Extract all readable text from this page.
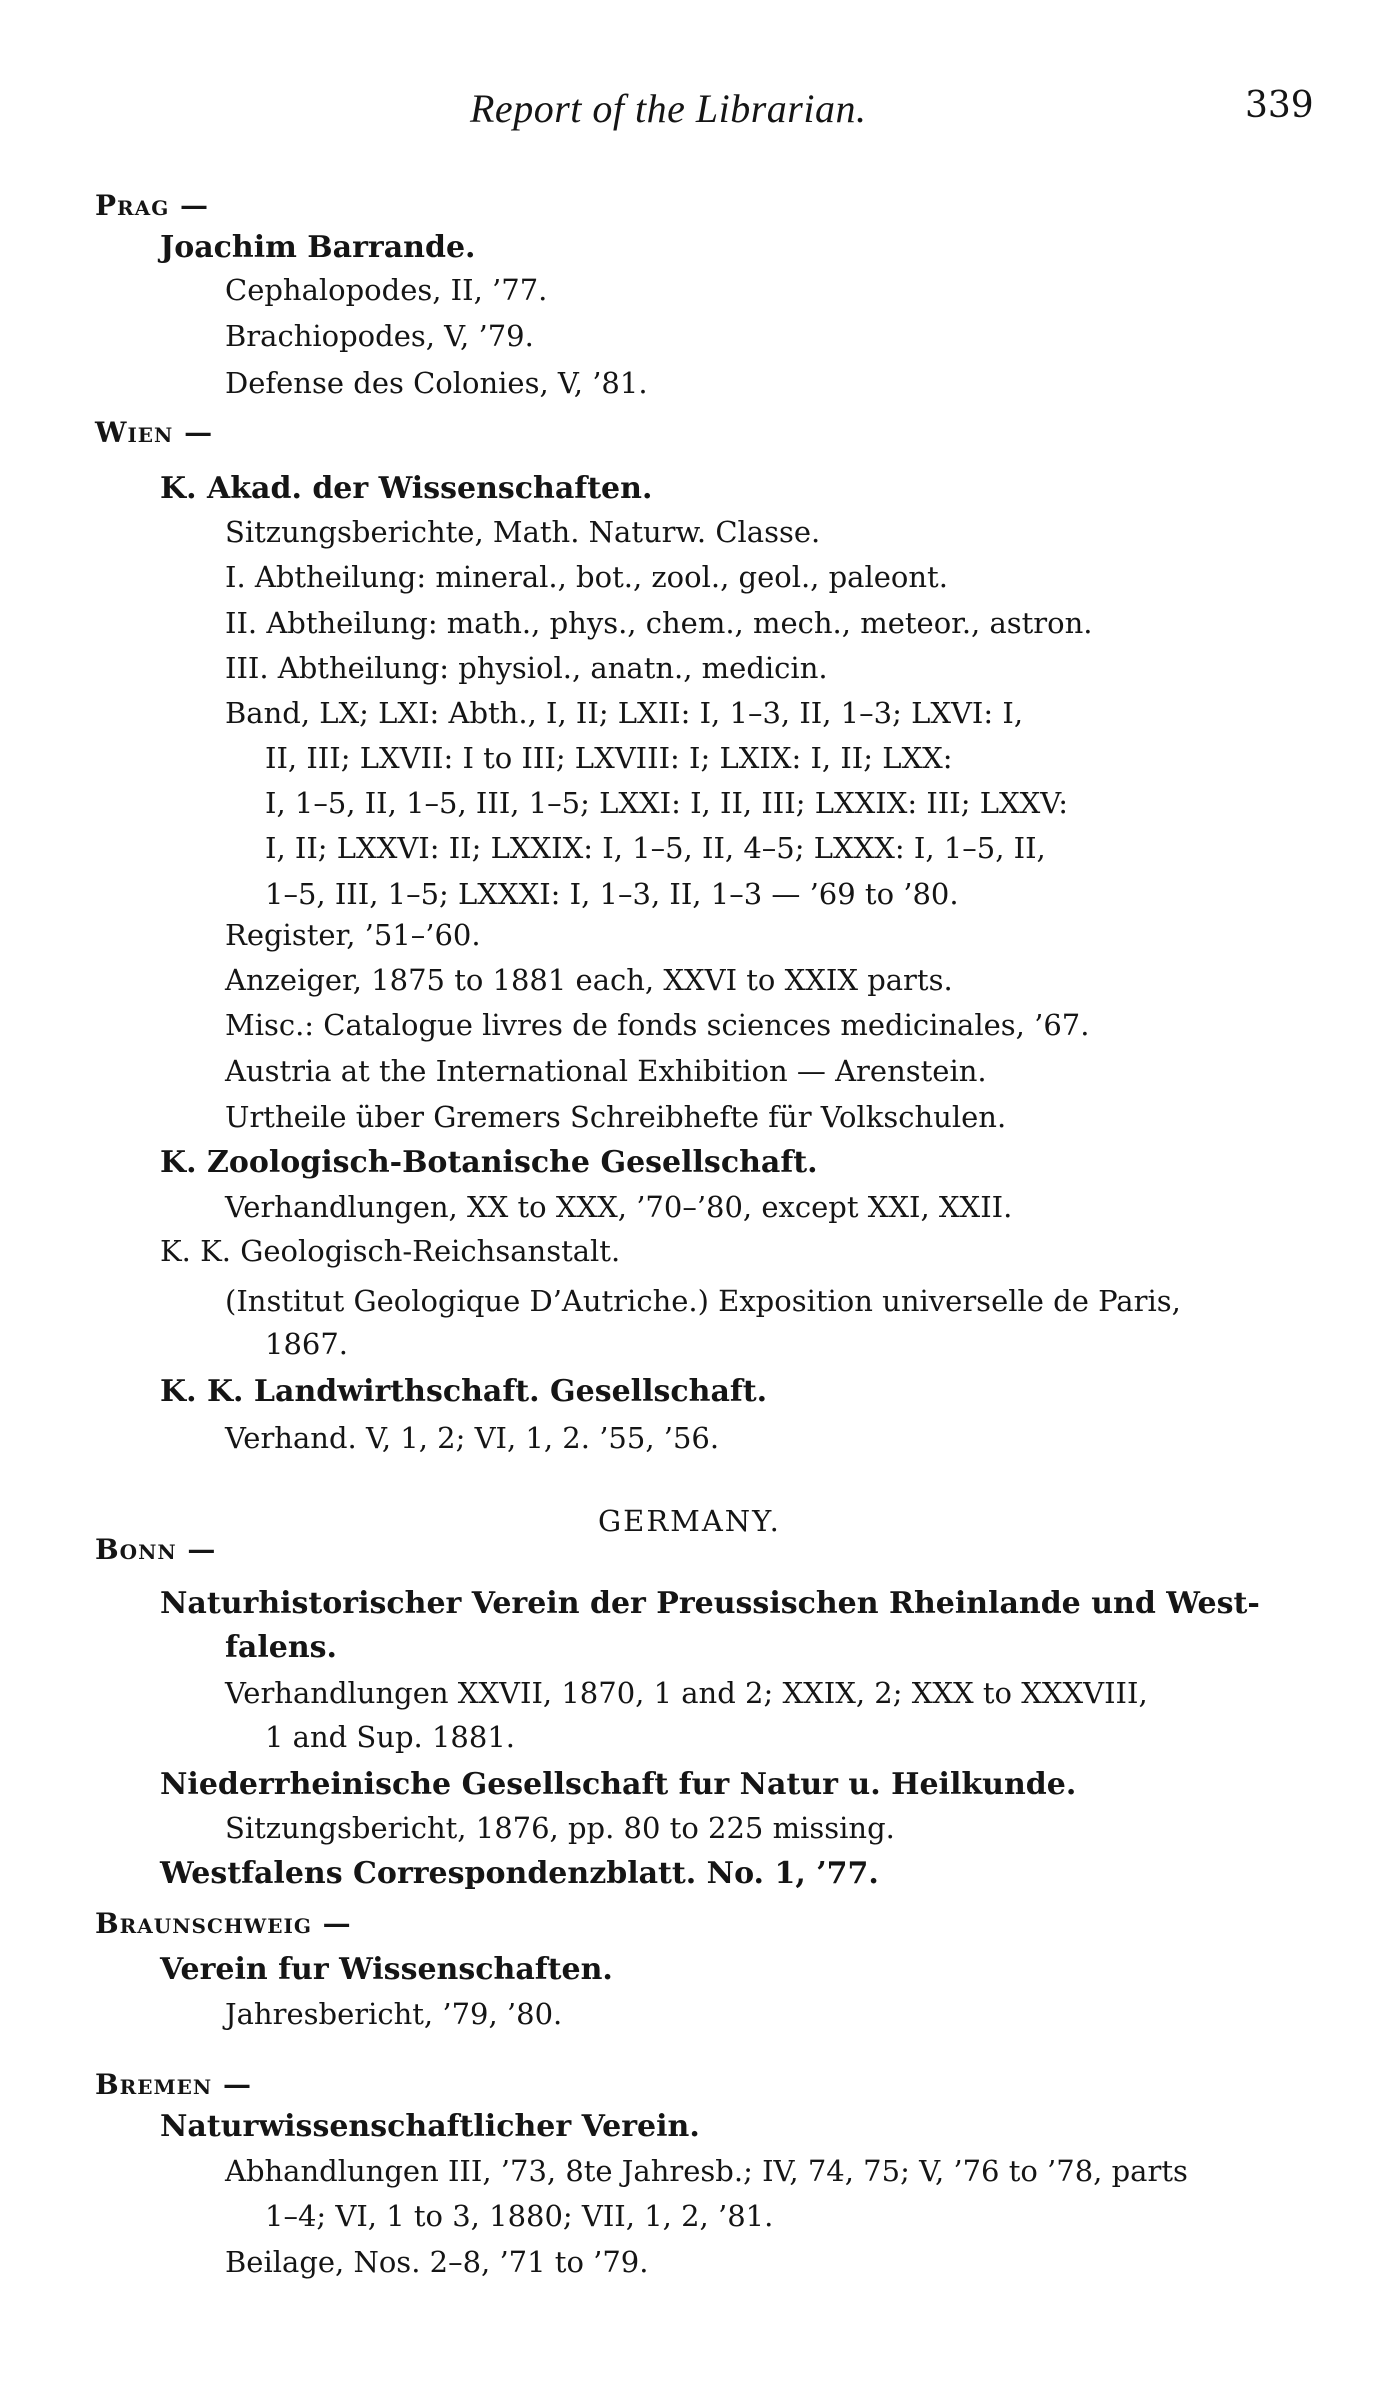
Report of the Librarian.	339
Prag —
Joachim Barrande.
Cephalopodes, II, ’77.
Brachiopodes, V, ’79.
Defense des Colonies, V, ’81.
Wien —
K. Akad. der Wissenschaften.
Sitzungsberichte, Math. Naturw. Classe.
I. Abtheilung: mineral., bot., zool., geol., paleont.
II. Abtheilung: math., phys., chem., mech., meteor., astron.
III. Abtheilung: physiol., anatn., medicin.
Band, LX; LXI: Abth., I, II; LXII: I, 1–3, II, 1–3; LXVI: I,
II, III; LXVII: I to III; LXVIII: I; LXIX: I, II; LXX:
I, 1–5, II, 1–5, III, 1–5; LXXI: I, II, III; LXXIX: III; LXXV:
I, II; LXXVI: II; LXXIX: I, 1–5, II, 4–5; LXXX: I, 1–5, II,
1–5, III, 1–5; LXXXI: I, 1–3, II, 1–3 — ’69 to ’80.
Register, ’51–’60.
Anzeiger, 1875 to 1881 each, XXVI to XXIX parts.
Misc.: Catalogue livres de fonds sciences medicinales, ’67.
Austria at the International Exhibition — Arenstein.
Urtheile über Gremers Schreibhefte für Volkschulen.
K. Zoologisch-Botanische Gesellschaft.
Verhandlungen, XX to XXX, ’70–’80, except XXI, XXII.
K. K. Geologisch-Reichsanstalt.
(Institut Geologique D’Autriche.) Exposition universelle de Paris,
1867.
K. K. Landwirthschaft. Gesellschaft.
Verhand. V, 1, 2; VI, 1, 2. ’55, ’56.
GERMANY.
Bonn —
Naturhistorischer Verein der Preussischen Rheinlande und West-
falens.
Verhandlungen XXVII, 1870, 1 and 2; XXIX, 2; XXX to XXXVIII,
1 and Sup. 1881.
Niederrheinische Gesellschaft fur Natur u. Heilkunde.
Sitzungsbericht, 1876, pp. 80 to 225 missing.
Westfalens Correspondenzblatt. No. 1, ’77.
Braunschweig —
Verein fur Wissenschaften.
Jahresbericht, ’79, ’80.
Bremen —
Naturwissenschaftlicher Verein.
Abhandlungen III, ’73, 8te Jahresb.; IV, 74, 75; V, ’76 to ’78, parts
1–4; VI, 1 to 3, 1880; VII, 1, 2, ’81.
Beilage, Nos. 2–8, ’71 to ’79.
